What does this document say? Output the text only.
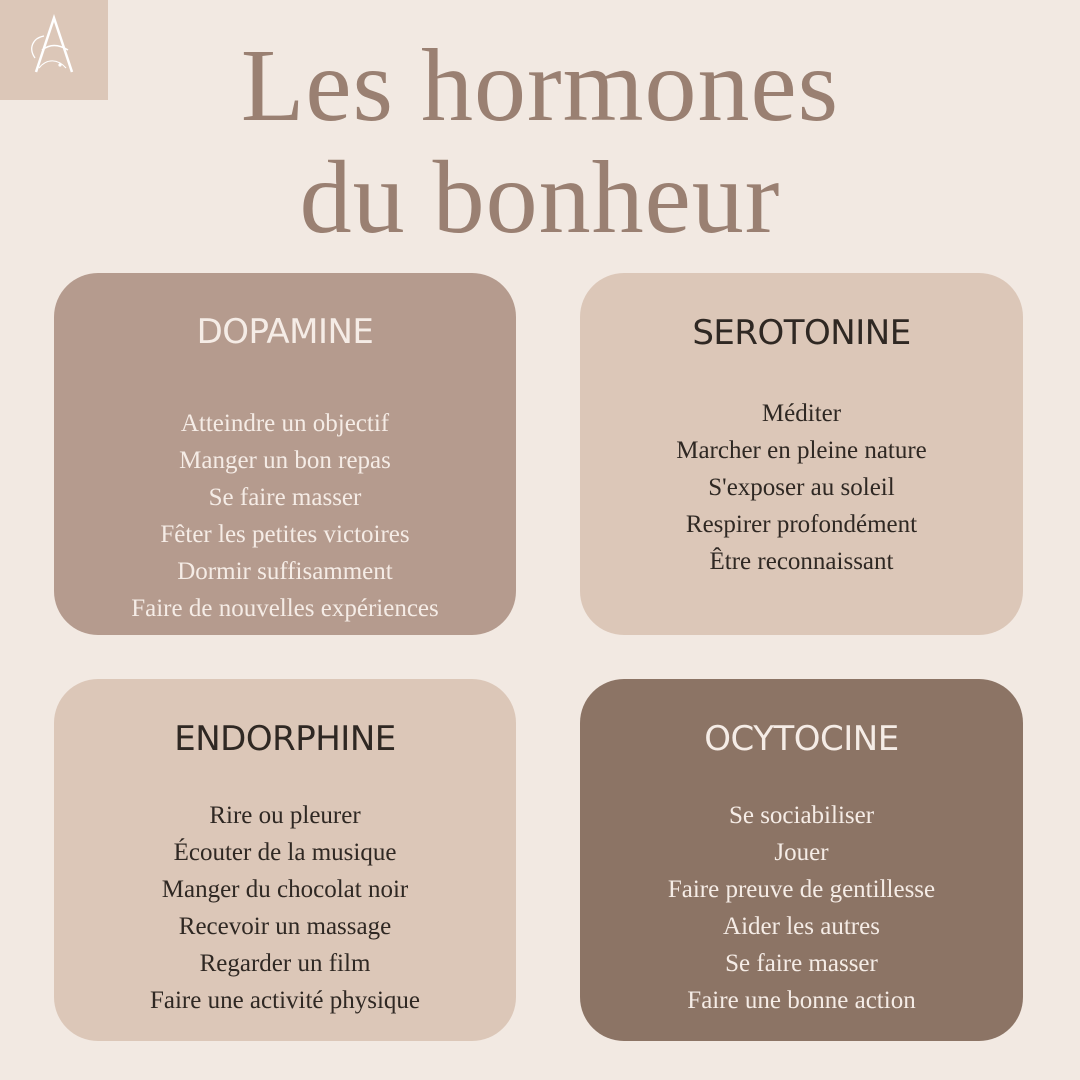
Les hormones
du bonheur
DOPAMINE
Atteindre un objectif
Manger un bon repas
Se faire masser
Fêter les petites victoires
Dormir suffisamment
Faire de nouvelles expériences
SEROTONINE
Méditer
Marcher en pleine nature
S'exposer au soleil
Respirer profondément
Être reconnaissant
ENDORPHINE
Rire ou pleurer
Écouter de la musique
Manger du chocolat noir
Recevoir un massage
Regarder un film
Faire une activité physique
OCYTOCINE
Se sociabiliser
Jouer
Faire preuve de gentillesse
Aider les autres
Se faire masser
Faire une bonne action
